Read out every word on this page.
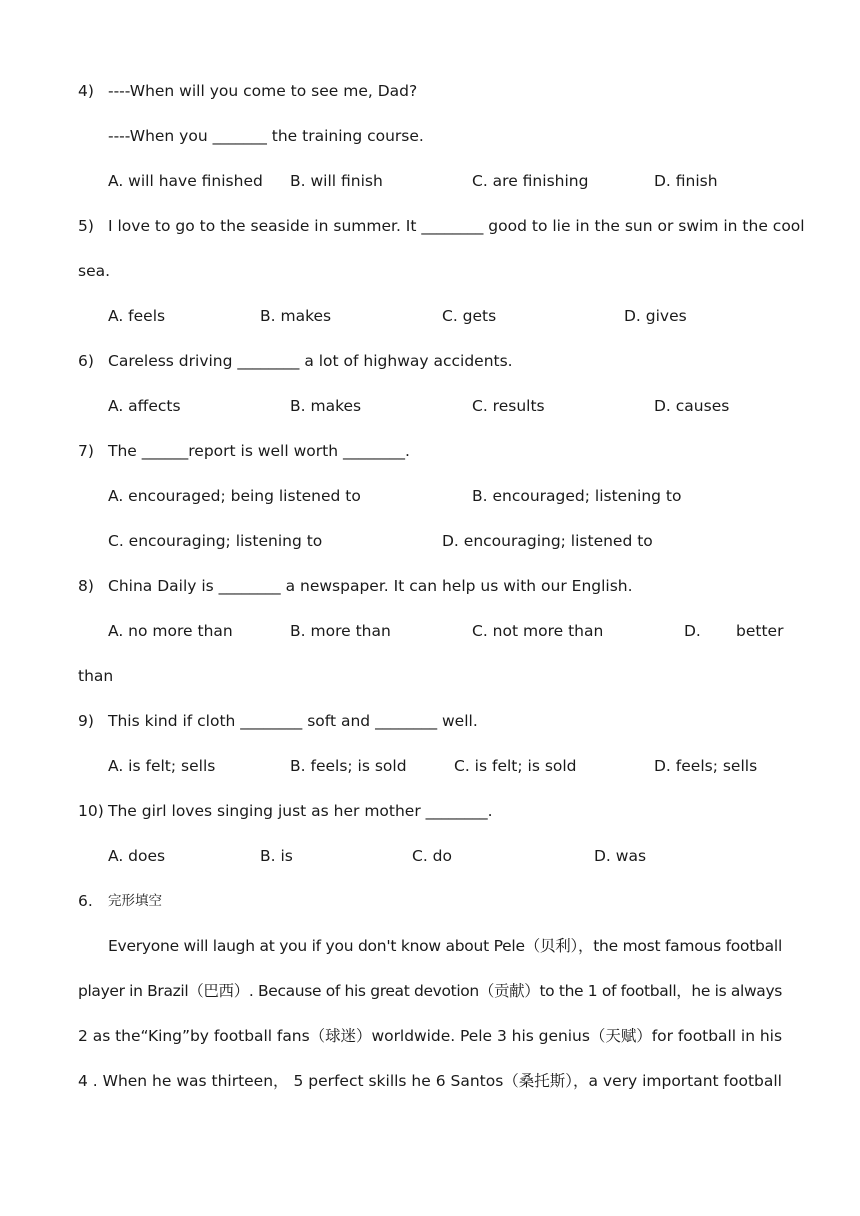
4) ----When will you come to see me, Dad?
----When you _______ the training course.
A. will have finished B. will finish	C. are finishing	D. finish
5) I love to go to the seaside in summer. It ________ good to lie in the sun or swim in the cool
sea.
A. feels	B. makes	C. gets	D. gives
6) Careless driving ________ a lot of highway accidents.
A. affects	B. makes	C. results	D. causes
7) The ______report is well worth ________.
A. encouraged; being listened to	B. encouraged; listening to
C. encouraging; listening to	D. encouraging; listened to
8) China Daily is ________ a newspaper. It can help us with our English.
A. no more than	B. more than	C. not more than	D. better
than
9) This kind if cloth ________ soft and ________ well.
A. is felt; sells	B. feels; is sold	C. is felt; is sold	D. feels; sells
10) The girl loves singing just as her mother ________.
A. does	B. is	C. do	D. was
6. 完形填空
Everyone will laugh at you if you don't know about Pele（贝利），the most famous football
player in Brazil（巴西）. Because of his great devotion（贡献）to the 1 of football，he is always
2 as the“King”by football fans（球迷）worldwide. Pele 3 his genius（天赋）for football in his
4 . When he was thirteen， 5 perfect skills he 6 Santos（桑托斯），a very important football
